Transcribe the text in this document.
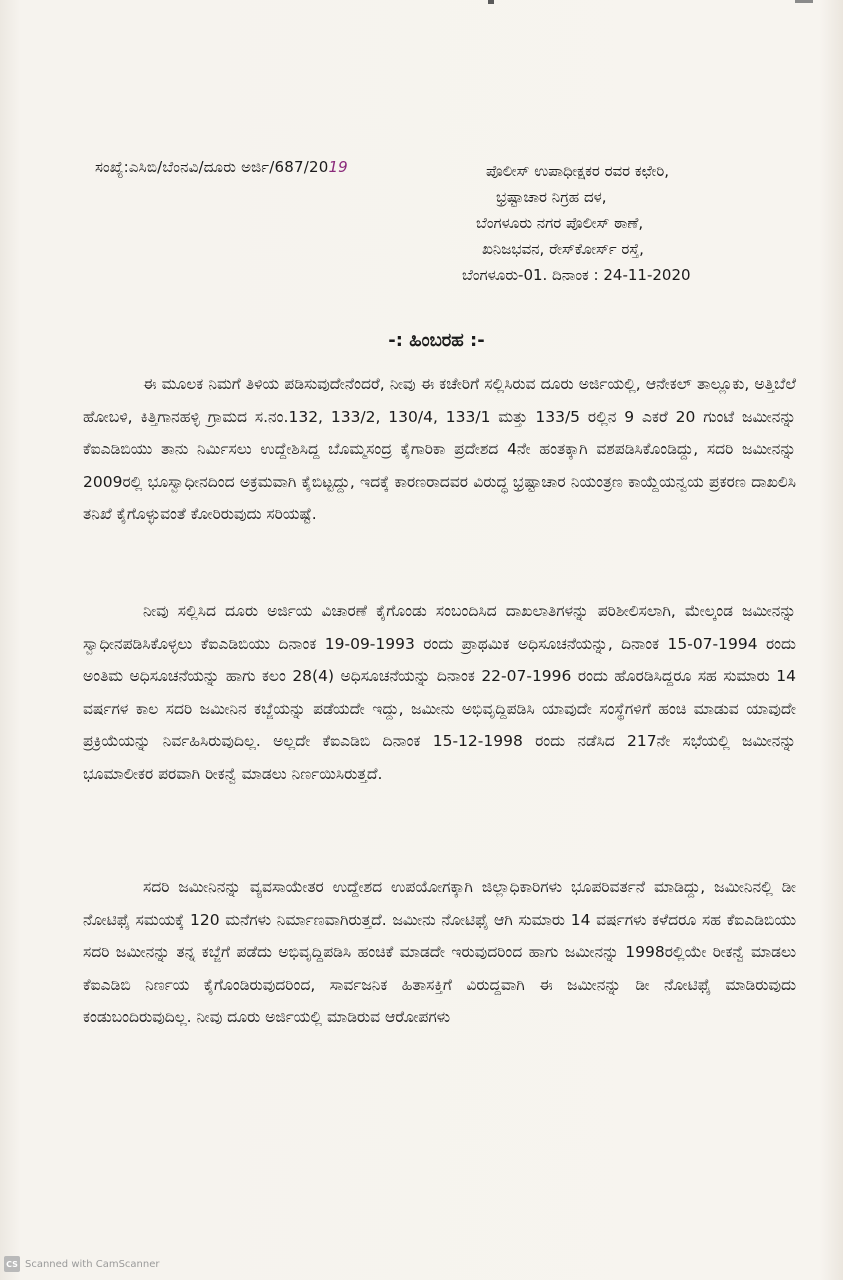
ಸಂಖ್ಯೆ:ಎಸಿಬಿ/ಬೆಂನವಿ/ದೂರು ಅರ್ಜಿ/687/2019	ಪೊಲೀಸ್ ಉಪಾಧೀಕ್ಷಕರ ರವರ ಕಛೇರಿ,
ಭ್ರಷ್ಟಾಚಾರ ನಿಗ್ರಹ ದಳ,
ಬೆಂಗಳೂರು ನಗರ ಪೊಲೀಸ್ ಠಾಣೆ,
ಖನಿಜಭವನ, ರೇಸ್‌ಕೋರ್ಸ್ ರಸ್ತೆ,
ಬೆಂಗಳೂರು-01. ದಿನಾಂಕ : 24-11-2020
-: ಹಿಂಬರಹ :-

ಈ ಮೂಲಕ ನಿಮಗೆ ತಿಳಿಯ ಪಡಿಸುವುದೇನೆಂದರೆ, ನೀವು ಈ ಕಚೇರಿಗೆ ಸಲ್ಲಿಸಿರುವ ದೂರು ಅರ್ಜಿಯಲ್ಲಿ, ಆನೇಕಲ್ ತಾಲ್ಲೂಕು, ಅತ್ತಿಬೆಲೆ ಹೋಬಳಿ, ಕಿತ್ತಿಗಾನಹಳ್ಳಿ ಗ್ರಾಮದ ಸ.ನಂ.132, 133/2, 130/4, 133/1 ಮತ್ತು 133/5 ರಲ್ಲಿನ 9 ಎಕರೆ 20 ಗುಂಟೆ ಜಮೀನನ್ನು ಕೆಐಎಡಿಬಿಯು ತಾನು ನಿರ್ಮಿಸಲು ಉದ್ದೇಶಿಸಿದ್ದ ಬೊಮ್ಮಸಂದ್ರ ಕೈಗಾರಿಕಾ ಪ್ರದೇಶದ 4ನೇ ಹಂತಕ್ಕಾಗಿ ವಶಪಡಿಸಿಕೊಂಡಿದ್ದು, ಸದರಿ ಜಮೀನನ್ನು 2009ರಲ್ಲಿ ಭೂಸ್ವಾಧೀನದಿಂದ ಅಕ್ರಮವಾಗಿ ಕೈಬಿಟ್ಟದ್ದು, ಇದಕ್ಕೆ ಕಾರಣರಾದವರ ವಿರುದ್ಧ ಭ್ರಷ್ಟಾಚಾರ ನಿಯಂತ್ರಣ ಕಾಯ್ದೆಯನ್ವಯ ಪ್ರಕರಣ ದಾಖಲಿಸಿ ತನಿಖೆ ಕೈಗೊಳ್ಳುವಂತೆ ಕೋರಿರುವುದು ಸರಿಯಷ್ಟೆ.

ನೀವು ಸಲ್ಲಿಸಿದ ದೂರು ಅರ್ಜಿಯ ವಿಚಾರಣೆ ಕೈಗೊಂಡು ಸಂಬಂದಿಸಿದ ದಾಖಲಾತಿಗಳನ್ನು ಪರಿಶೀಲಿಸಲಾಗಿ, ಮೇಲ್ಕಂಡ ಜಮೀನನ್ನು ಸ್ವಾಧೀನಪಡಿಸಿಕೊಳ್ಳಲು ಕೆಐಎಡಿಬಿಯು ದಿನಾಂಕ 19-09-1993 ರಂದು ಪ್ರಾಥಮಿಕ ಅಧಿಸೂಚನೆಯನ್ನು, ದಿನಾಂಕ 15-07-1994 ರಂದು ಅಂತಿಮ ಅಧಿಸೂಚನೆಯನ್ನು ಹಾಗು ಕಲಂ 28(4) ಅಧಿಸೂಚನೆಯನ್ನು ದಿನಾಂಕ 22-07-1996 ರಂದು ಹೊರಡಿಸಿದ್ದರೂ ಸಹ ಸುಮಾರು 14 ವರ್ಷಗಳ ಕಾಲ ಸದರಿ ಜಮೀನಿನ ಕಬ್ಜೆಯನ್ನು ಪಡೆಯದೇ ಇದ್ದು, ಜಮೀನು ಅಭಿವೃದ್ದಿಪಡಿಸಿ ಯಾವುದೇ ಸಂಸ್ಥೆಗಳಿಗೆ ಹಂಚಿ ಮಾಡುವ ಯಾವುದೇ ಪ್ರಕ್ರಿಯೆಯನ್ನು ನಿರ್ವಹಿಸಿರುವುದಿಲ್ಲ. ಅಲ್ಲದೇ ಕೆಐಎಡಿಬಿ ದಿನಾಂಕ 15-12-1998 ರಂದು ನಡೆಸಿದ 217ನೇ ಸಭೆಯಲ್ಲಿ ಜಮೀನನ್ನು ಭೂಮಾಲೀಕರ ಪರವಾಗಿ ರೀಕನ್ವೆ ಮಾಡಲು ನಿರ್ಣಯಿಸಿರುತ್ತದೆ.

ಸದರಿ ಜಮೀನಿನನ್ನು ವ್ಯವಸಾಯೇತರ ಉದ್ದೇಶದ ಉಪಯೋಗಕ್ಕಾಗಿ ಜಿಲ್ಲಾಧಿಕಾರಿಗಳು ಭೂಪರಿವರ್ತನೆ ಮಾಡಿದ್ದು, ಜಮೀನಿನಲ್ಲಿ ಡೀ ನೋಟಿಫೈ ಸಮಯಕ್ಕೆ 120 ಮನೆಗಳು ನಿರ್ಮಾಣವಾಗಿರುತ್ತದೆ. ಜಮೀನು ನೋಟಿಫೈ ಆಗಿ ಸುಮಾರು 14 ವರ್ಷಗಳು ಕಳೆದರೂ ಸಹ ಕೆಐಎಡಿಬಿಯು ಸದರಿ ಜಮೀನನ್ನು ತನ್ನ ಕಬ್ಜೆಗೆ ಪಡೆದು ಅಭಿವೃದ್ದಿಪಡಿಸಿ ಹಂಚಿಕೆ ಮಾಡದೇ ಇರುವುದರಿಂದ ಹಾಗು ಜಮೀನನ್ನು 1998ರಲ್ಲಿಯೇ ರೀಕನ್ವೆ ಮಾಡಲು ಕೆಐಎಡಿಬಿ ನಿರ್ಣಯ ಕೈಗೊಂಡಿರುವುದರಿಂದ, ಸಾರ್ವಜನಿಕ ಹಿತಾಸಕ್ತಿಗೆ ವಿರುದ್ದವಾಗಿ ಈ ಜಮೀನನ್ನು ಡೀ ನೋಟಿಫೈ ಮಾಡಿರುವುದು ಕಂಡುಬಂದಿರುವುದಿಲ್ಲ. ನೀವು ದೂರು ಅರ್ಜಿಯಲ್ಲಿ ಮಾಡಿರುವ ಆರೋಪಗಳು

CS Scanned with CamScanner
